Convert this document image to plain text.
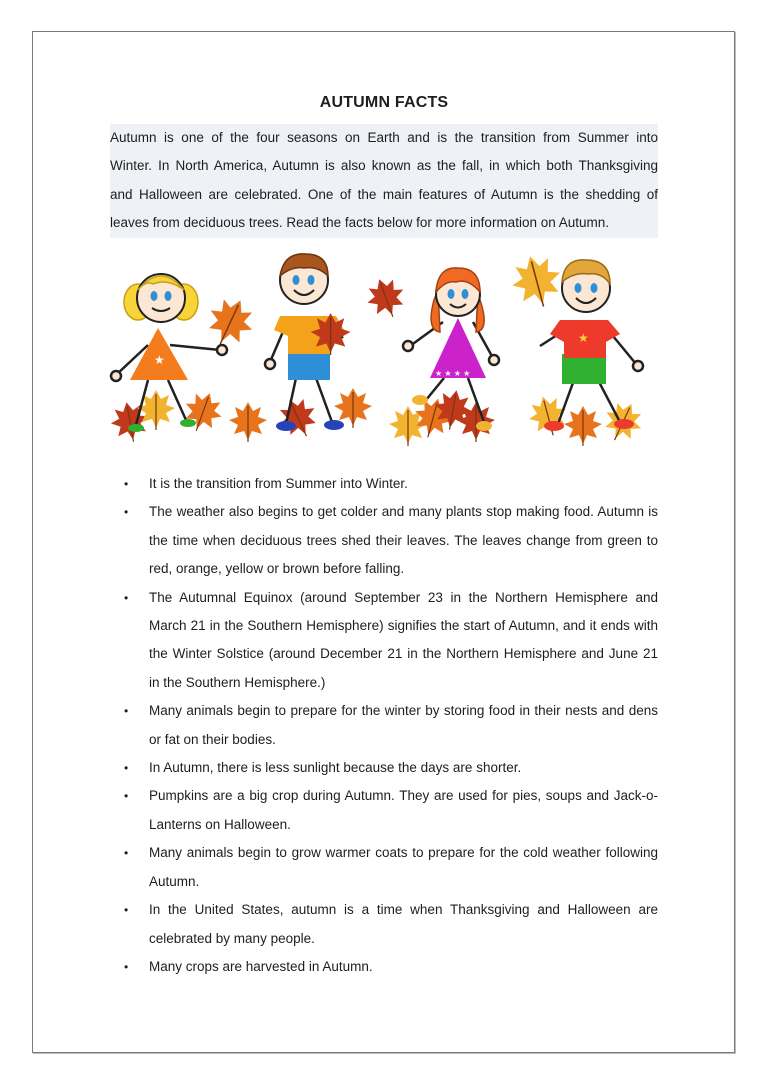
AUTUMN FACTS
Autumn is one of the four seasons on Earth and is the transition from Summer into
Winter. In North America, Autumn is also known as the fall, in which both Thanksgiving
and Halloween are celebrated. One of the main features of Autumn is the shedding of
leaves from deciduous trees. Read the facts below for more information on Autumn.
★
★ ★ ★ ★
★
• It is the transition from Summer into Winter.
• The weather also begins to get colder and many plants stop making food. Autumn is the time when deciduous trees shed their leaves. The leaves change from green to red, orange, yellow or brown before falling.
• The Autumnal Equinox (around September 23 in the Northern Hemisphere and March 21 in the Southern Hemisphere) signifies the start of Autumn, and it ends with the Winter Solstice (around December 21 in the Northern Hemisphere and June 21 in the Southern Hemisphere.)
• Many animals begin to prepare for the winter by storing food in their nests and dens or fat on their bodies.
• In Autumn, there is less sunlight because the days are shorter.
• Pumpkins are a big crop during Autumn. They are used for pies, soups and Jack-o-Lanterns on Halloween.
• Many animals begin to grow warmer coats to prepare for the cold weather following Autumn.
• In the United States, autumn is a time when Thanksgiving and Halloween are celebrated by many people.
• Many crops are harvested in Autumn.
